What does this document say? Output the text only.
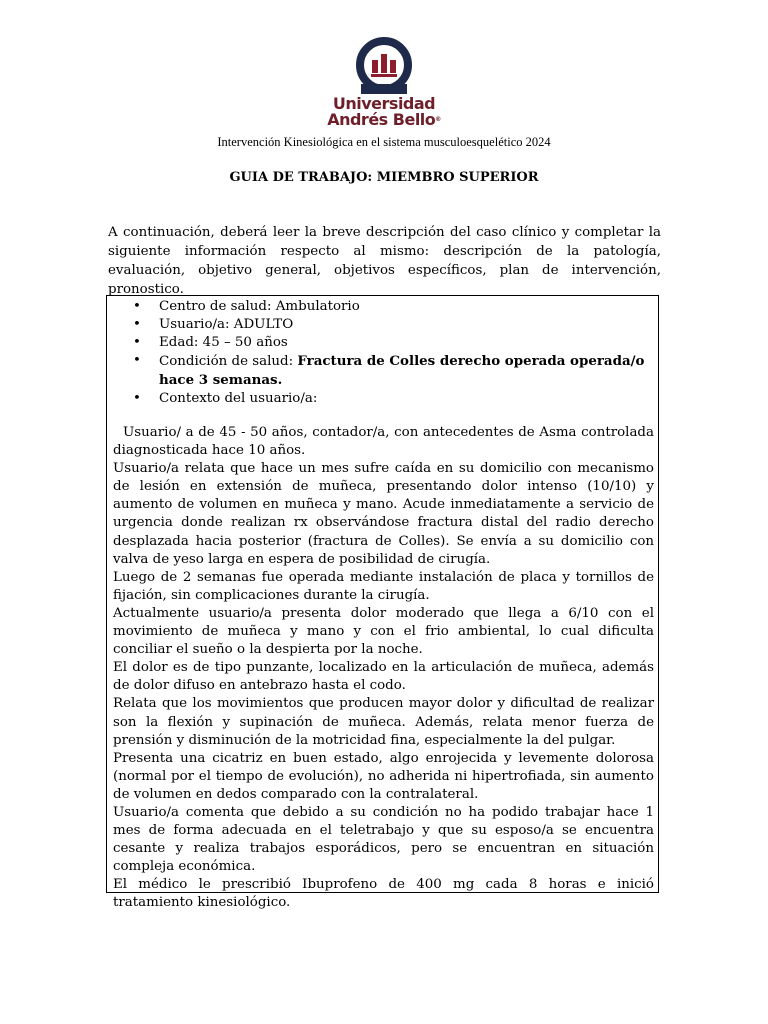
Universidad
Andrés Bello®
Intervención Kinesiológica en el sistema musculoesquelético 2024
GUIA DE TRABAJO: MIEMBRO SUPERIOR

A continuación, deberá leer la breve descripción del caso clínico y completar la siguiente información respecto al mismo: descripción de la patología, evaluación, objetivo general, objetivos específicos, plan de intervención, pronostico.

• Centro de salud: Ambulatorio
• Usuario/a: ADULTO
• Edad: 45 – 50 años
• Condición de salud: Fractura de Colles derecho operada operada/o hace 3 semanas.
• Contexto del usuario/a:

Usuario/ a de 45 - 50 años, contador/a, con antecedentes de Asma controlada diagnosticada hace 10 años.

Usuario/a relata que hace un mes sufre caída en su domicilio con mecanismo de lesión en extensión de muñeca, presentando dolor intenso (10/10) y aumento de volumen en muñeca y mano. Acude inmediatamente a servicio de urgencia donde realizan rx observándose fractura distal del radio derecho desplazada hacia posterior (fractura de Colles). Se envía a su domicilio con valva de yeso larga en espera de posibilidad de cirugía.

Luego de 2 semanas fue operada mediante instalación de placa y tornillos de fijación, sin complicaciones durante la cirugía.

Actualmente usuario/a presenta dolor moderado que llega a 6/10 con el movimiento de muñeca y mano y con el frio ambiental, lo cual dificulta conciliar el sueño o la despierta por la noche.

El dolor es de tipo punzante, localizado en la articulación de muñeca, además de dolor difuso en antebrazo hasta el codo.

Relata que los movimientos que producen mayor dolor y dificultad de realizar son la flexión y supinación de muñeca. Además, relata menor fuerza de prensión y disminución de la motricidad fina, especialmente la del pulgar.

Presenta una cicatriz en buen estado, algo enrojecida y levemente dolorosa (normal por el tiempo de evolución), no adherida ni hipertrofiada, sin aumento de volumen en dedos comparado con la contralateral.

Usuario/a comenta que debido a su condición no ha podido trabajar hace 1 mes de forma adecuada en el teletrabajo y que su esposo/a se encuentra cesante y realiza trabajos esporádicos, pero se encuentran en situación compleja económica.

El médico le prescribió Ibuprofeno de 400 mg cada 8 horas e inició tratamiento kinesiológico.
